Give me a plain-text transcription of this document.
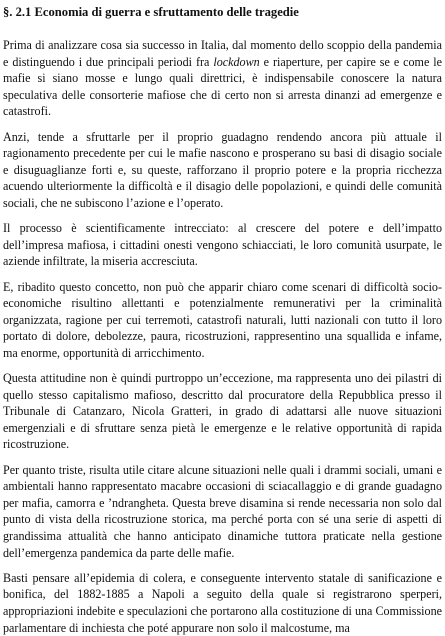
§. 2.1 Economia di guerra e sfruttamento delle tragedie

Prima di analizzare cosa sia successo in Italia, dal momento dello scoppio della pandemia e distinguendo i due principali periodi fra lockdown e riaperture, per capire se e come le mafie si siano mosse e lungo quali direttrici, è indispensabile conoscere la natura speculativa delle consorterie mafiose che di certo non si arresta dinanzi ad emergenze e catastrofi.

Anzi, tende a sfruttarle per il proprio guadagno rendendo ancora più attuale il ragionamento precedente per cui le mafie nascono e prosperano su basi di disagio sociale e disuguaglianze forti e, su queste, rafforzano il proprio potere e la propria ricchezza acuendo ulteriormente la difficoltà e il disagio delle popolazioni, e quindi delle comunità sociali, che ne subiscono l’azione e l’operato.

Il processo è scientificamente intrecciato: al crescere del potere e dell’impatto dell’impresa mafiosa, i cittadini onesti vengono schiacciati, le loro comunità usurpate, le aziende infiltrate, la miseria accresciuta.

E, ribadito questo concetto, non può che apparir chiaro come scenari di difficoltà socio-economiche risultino allettanti e potenzialmente remunerativi per la criminalità organizzata, ragione per cui terremoti, catastrofi naturali, lutti nazionali con tutto il loro portato di dolore, debolezze, paura, ricostruzioni, rappresentino una squallida e infame, ma enorme, opportunità di arricchimento.

Questa attitudine non è quindi purtroppo un’eccezione, ma rappresenta uno dei pilastri di quello stesso capitalismo mafioso, descritto dal procuratore della Repubblica presso il Tribunale di Catanzaro, Nicola Gratteri, in grado di adattarsi alle nuove situazioni emergenziali e di sfruttare senza pietà le emergenze e le relative opportunità di rapida ricostruzione.

Per quanto triste, risulta utile citare alcune situazioni nelle quali i drammi sociali, umani e ambientali hanno rappresentato macabre occasioni di sciacallaggio e di grande guadagno per mafia, camorra e ’ndrangheta. Questa breve disamina si rende necessaria non solo dal punto di vista della ricostruzione storica, ma perché porta con sé una serie di aspetti di grandissima attualità che hanno anticipato dinamiche tuttora praticate nella gestione dell’emergenza pandemica da parte delle mafie.

Basti pensare all’epidemia di colera, e conseguente intervento statale di sanificazione e bonifica, del 1882-1885 a Napoli a seguito della quale si registrarono sperperi, appropriazioni indebite e speculazioni che portarono alla costituzione di una Commissione parlamentare di inchiesta che poté appurare non solo il malcostume, ma
